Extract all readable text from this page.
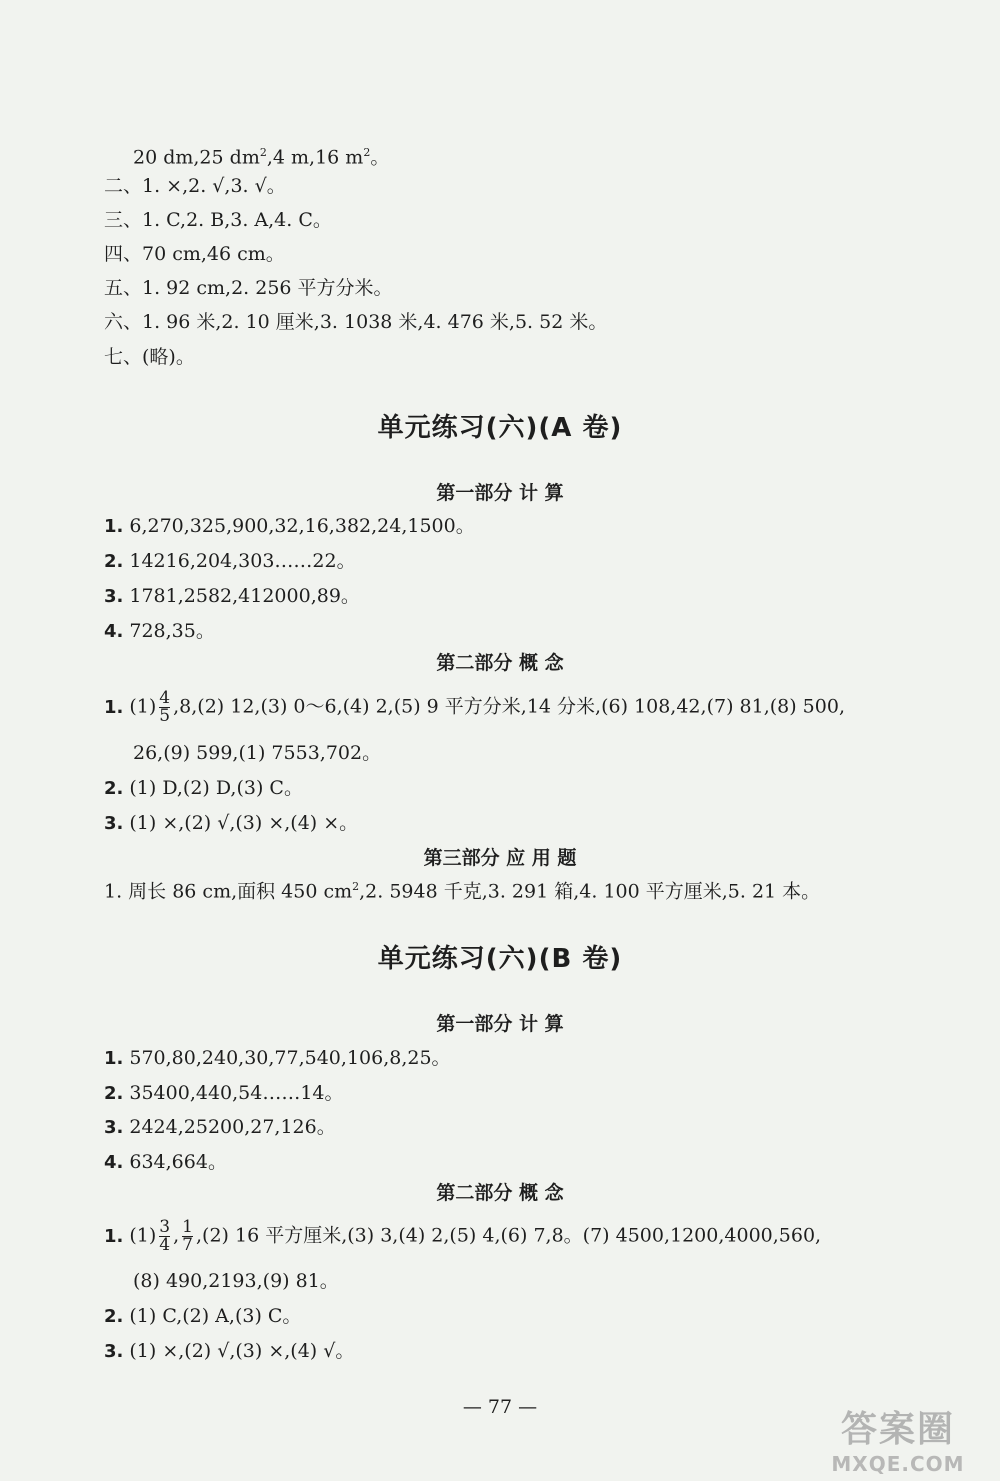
20 dm,25 $dm^2,4$ m,16 $m^2$。
二、1. ×,2. √,3. √。
三、1. C,2. B,3. A,4. C。
四、70 cm,46 cm。
五、1. 92 cm,2. 256 平方分米。
六、1. 96 米,2. 10 厘米,3. 1038 米,4. 476 米,5. 52 米。
七、(略)。
单元练习(六)(A 卷)
第一部分 计 算
1. 6,270,325,900,32,16,382,24,1500。
2. 14216,204,303……22。
3. 1781,2582,412000,89。
4. 728,35。
第二部分 概 念
1. $(1) \frac{4}{5} ,8,(2)$ 12,(3) 0～6,(4) 2,(5) 9 平方分米,14 分米,(6) 108,42,(7) 81,(8) 500,
26,(9) 599,(1) 7553,702。
2. (1) D,(2) D,(3) C。
3. (1) ×,(2) √,(3) ×,(4) ×。
第三部分 应 用 题
1. 周长 86 cm,面积 450 $cm^2,2$. 5948 千克,3. 291 箱,4. 100 平方厘米,5. 21 本。
单元练习(六)(B 卷)
第一部分 计 算
1. 570,80,240,30,77,540,106,8,25。
2. 35400,440,54……14。
3. 2424,25200,27,126。
4. 634,664。
第二部分 概 念
1. $(1) \frac{3}{4}$ , $\frac{1}{7} ,(2)$ 16 平方厘米,(3) 3,(4) 2,(5) 4,(6) 7,8。(7) 4500,1200,4000,560,
(8) 490,2193,(9) 81。
2. (1) C,(2) A,(3) C。
3. (1) ×,(2) √,(3) ×,(4) √。
— 77 —
答案圈
MXQE.COM
